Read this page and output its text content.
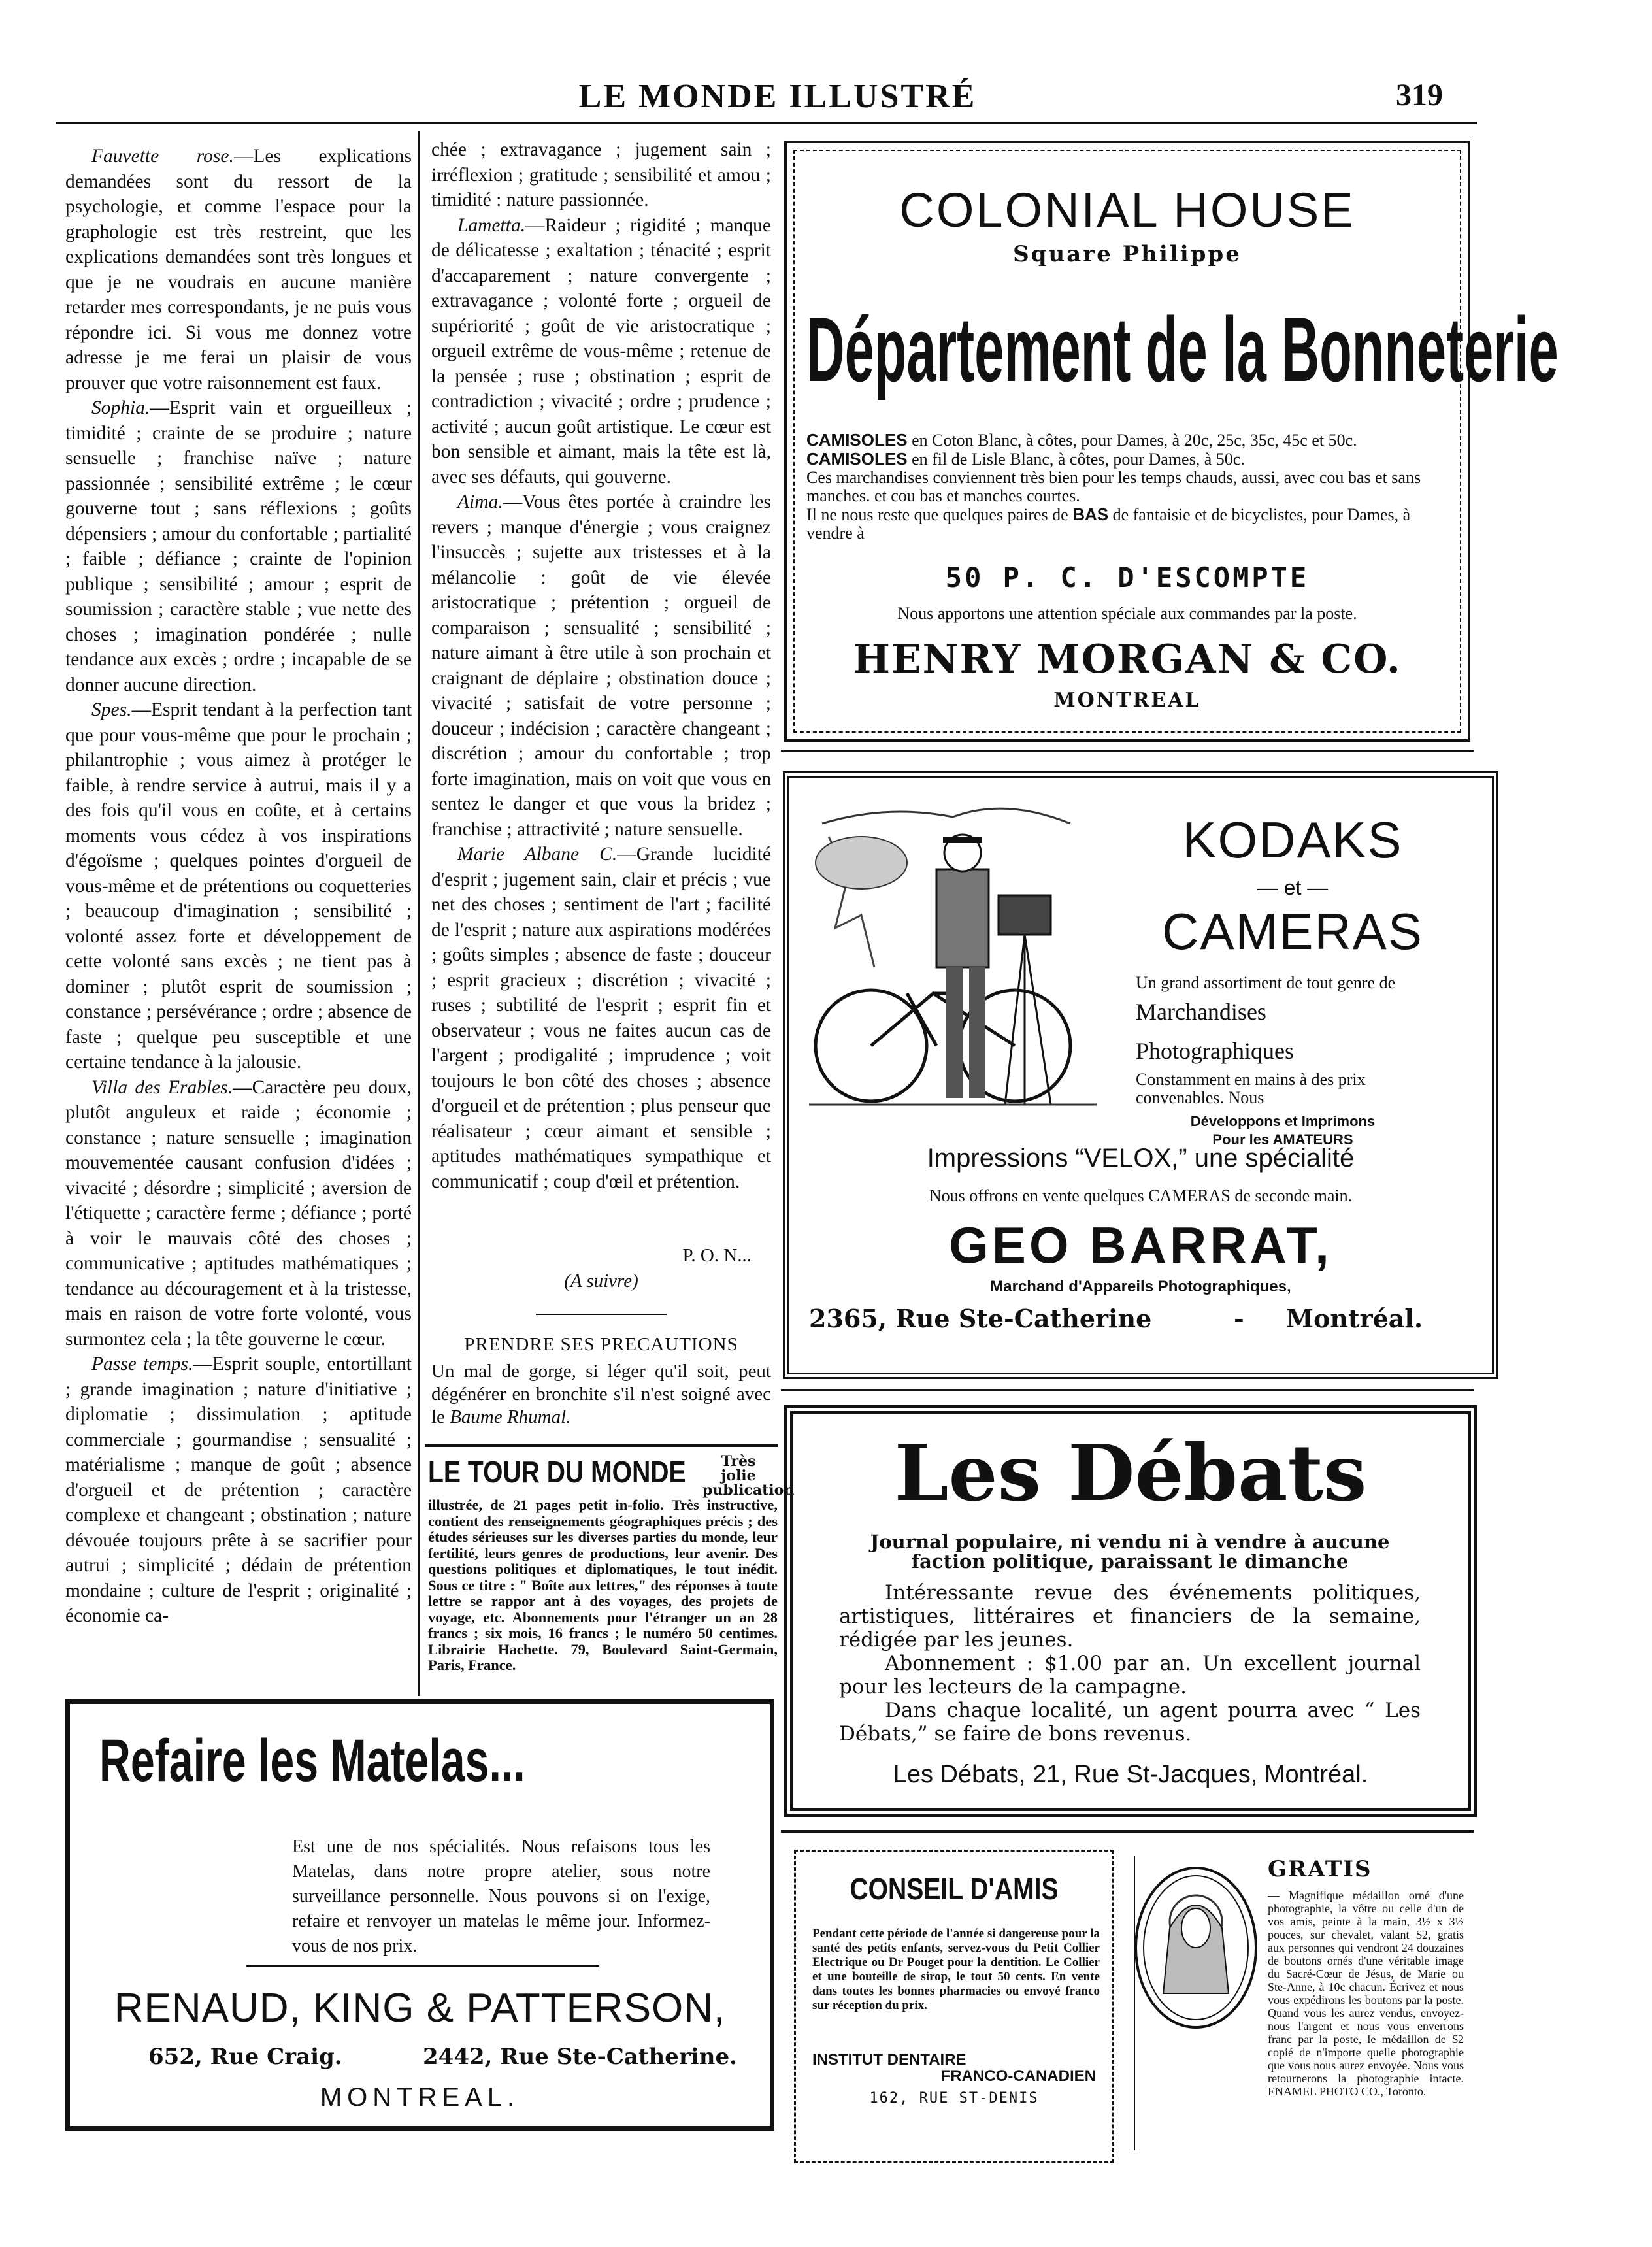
LE MONDE ILLUSTRÉ	319

Fauvette rose.—Les explications demandées sont du ressort de la psychologie, et comme l'espace pour la graphologie est très restreint, que les explications demandées sont très longues et que je ne voudrais en aucune manière retarder mes correspondants, je ne puis vous répondre ici. Si vous me donnez votre adresse je me ferai un plaisir de vous prouver que votre raisonnement est faux.

Sophia.—Esprit vain et orgueilleux ; timidité ; crainte de se produire ; nature sensuelle ; franchise naïve ; nature passionnée ; sensibilité extrême ; le cœur gouverne tout ; sans réflexions ; goûts dépensiers ; amour du confortable ; partialité ; faible ; défiance ; crainte de l'opinion publique ; sensibilité ; amour ; esprit de soumission ; caractère stable ; vue nette des choses ; imagination pondérée ; nulle tendance aux excès ; ordre ; incapable de se donner aucune direction.

Spes.—Esprit tendant à la perfection tant que pour vous-même que pour le prochain ; philantrophie ; vous aimez à protéger le faible, à rendre service à autrui, mais il y a des fois qu'il vous en coûte, et à certains moments vous cédez à vos inspirations d'égoïsme ; quelques pointes d'orgueil de vous-même et de prétentions ou coquetteries ; beaucoup d'imagination ; sensibilité ; volonté assez forte et développement de cette volonté sans excès ; ne tient pas à dominer ; plutôt esprit de soumission ; constance ; persévérance ; ordre ; absence de faste ; quelque peu susceptible et une certaine tendance à la jalousie.

Villa des Erables.—Caractère peu doux, plutôt anguleux et raide ; économie ; constance ; nature sensuelle ; imagination mouvementée causant confusion d'idées ; vivacité ; désordre ; simplicité ; aversion de l'étiquette ; caractère ferme ; défiance ; porté à voir le mauvais côté des choses ; communicative ; aptitudes mathématiques ; tendance au découragement et à la tristesse, mais en raison de votre forte volonté, vous surmontez cela ; la tête gouverne le cœur.

Passe temps.—Esprit souple, entortillant ; grande imagination ; nature d'initiative ; diplomatie ; dissimulation ; aptitude commerciale ; gourmandise ; sensualité ; matérialisme ; manque de goût ; absence d'orgueil et de prétention ; caractère complexe et changeant ; obstination ; nature dévouée toujours prête à se sacrifier pour autrui ; simplicité ; dédain de prétention mondaine ; culture de l'esprit ; originalité ; économie ca-

chée ; extravagance ; jugement sain ; irréflexion ; gratitude ; sensibilité et amou ; timidité : nature passionnée.

Lametta.—Raideur ; rigidité ; manque de délicatesse ; exaltation ; ténacité ; esprit d'accaparement ; nature convergente ; extravagance ; volonté forte ; orgueil de supériorité ; goût de vie aristocratique ; orgueil extrême de vous-même ; retenue de la pensée ; ruse ; obstination ; esprit de contradiction ; vivacité ; ordre ; prudence ; activité ; aucun goût artistique. Le cœur est bon sensible et aimant, mais la tête est là, avec ses défauts, qui gouverne.

Aima.—Vous êtes portée à craindre les revers ; manque d'énergie ; vous craignez l'insuccès ; sujette aux tristesses et à la mélancolie : goût de vie élevée aristocratique ; prétention ; orgueil de comparaison ; sensualité ; sensibilité ; nature aimant à être utile à son prochain et craignant de déplaire ; obstination douce ; vivacité ; satisfait de votre personne ; douceur ; indécision ; caractère changeant ; discrétion ; amour du confortable ; trop forte imagination, mais on voit que vous en sentez le danger et que vous la bridez ; franchise ; attractivité ; nature sensuelle.

Marie Albane C.—Grande lucidité d'esprit ; jugement sain, clair et précis ; vue net des choses ; sentiment de l'art ; facilité de l'esprit ; nature aux aspirations modérées ; goûts simples ; absence de faste ; douceur ; esprit gracieux ; discrétion ; vivacité ; ruses ; subtilité de l'esprit ; esprit fin et observateur ; vous ne faites aucun cas de l'argent ; prodigalité ; imprudence ; voit toujours le bon côté des choses ; absence d'orgueil et de prétention ; plus penseur que réalisateur ; cœur aimant et sensible ; aptitudes mathématiques sympathique et communicatif ; coup d'œil et prétention.

P. O. N...
(A suivre)
PRENDRE SES PRECAUTIONS
Un mal de gorge, si léger qu'il soit, peut dégénérer en bronchite s'il n'est soigné avec le Baume Rhumal.
LE TOUR DU MONDE	Très jolie publication
illustrée, de 21 pages petit in-folio. Très instructive, contient des renseignements géographiques précis ; des études sérieuses sur les diverses parties du monde, leur fertilité, leurs genres de productions, leur avenir. Des questions politiques et diplomatiques, le tout inédit. Sous ce titre : " Boîte aux lettres," des réponses à toute lettre se rappor ant à des voyages, des projets de voyage, etc. Abonnements pour l'étranger un an 28 francs ; six mois, 16 francs ; le numéro 50 centimes. Librairie Hachette. 79, Boulevard Saint-Germain, Paris, France.
Refaire les Matelas...
Est une de nos spécialités. Nous refaisons tous les Matelas, dans notre propre atelier, sous notre surveillance personnelle. Nous pouvons si on l'exige, refaire et renvoyer un matelas le même jour. Informez-vous de nos prix.
RENAUD, KING & PATTERSON,
652, Rue Craig.	2442, Rue Ste-Catherine.
MONTREAL.
COLONIAL HOUSE
Square Philippe
Département de la Bonneterie
CAMISOLES en Coton Blanc, à côtes, pour Dames, à 20c, 25c, 35c, 45c et 50c.
CAMISOLES en fil de Lisle Blanc, à côtes, pour Dames, à 50c.
Ces marchandises conviennent très bien pour les temps chauds, aussi, avec cou bas et sans manches. et cou bas et manches courtes.
Il ne nous reste que quelques paires de BAS de fantaisie et de bicyclistes, pour Dames, à vendre à
50 P. C. D'ESCOMPTE
Nous apportons une attention spéciale aux commandes par la poste.
HENRY MORGAN & CO.
MONTREAL
KODAKS
— et —
CAMERAS
Un grand assortiment de tout genre de
Marchandises Photographiques
Constamment en mains à des prix convenables. Nous
Développons et Imprimons
Pour les AMATEURS
Impressions “VELOX,” une spécialité
Nous offrons en vente quelques CAMERAS de seconde main.
GEO BARRAT,
Marchand d'Appareils Photographiques,
2365, Rue Ste-Catherine	- Montréal.
Les Débats
Journal populaire, ni vendu ni à vendre à aucune faction politique, paraissant le dimanche
Intéressante revue des événements politiques, artistiques, littéraires et financiers de la semaine, rédigée par les jeunes.
Abonnement : $1.00 par an. Un excellent journal pour les lecteurs de la campagne.
Dans chaque localité, un agent pourra avec “ Les Débats,” se faire de bons revenus.
Les Débats, 21, Rue St-Jacques, Montréal.
CONSEIL D'AMIS
Pendant cette période de l'année si dangereuse pour la santé des petits enfants, servez-vous du Petit Collier Electrique ou Dr Pouget pour la dentition. Le Collier et une bouteille de sirop, le tout 50 cents. En vente dans toutes les bonnes pharmacies ou envoyé franco sur réception du prix.
INSTITUT DENTAIRE
FRANCO-CANADIEN
162, RUE ST-DENIS
GRATIS
— Magnifique médaillon orné d'une photographie, la vôtre ou celle d'un de vos amis, peinte à la main, 3½ x 3½ pouces, sur chevalet, valant $2, gratis aux personnes qui vendront 24 douzaines de boutons ornés d'une véritable image du Sacré-Cœur de Jésus, de Marie ou Ste-Anne, à 10c chacun. Écrivez et nous vous expédirons les boutons par la poste. Quand vous les aurez vendus, envoyez-nous l'argent et nous vous enverrons franc par la poste, le médaillon de $2 copié de n'importe quelle photographie que vous nous aurez envoyée. Nous vous retournerons la photographie intacte. ENAMEL PHOTO CO., Toronto.
